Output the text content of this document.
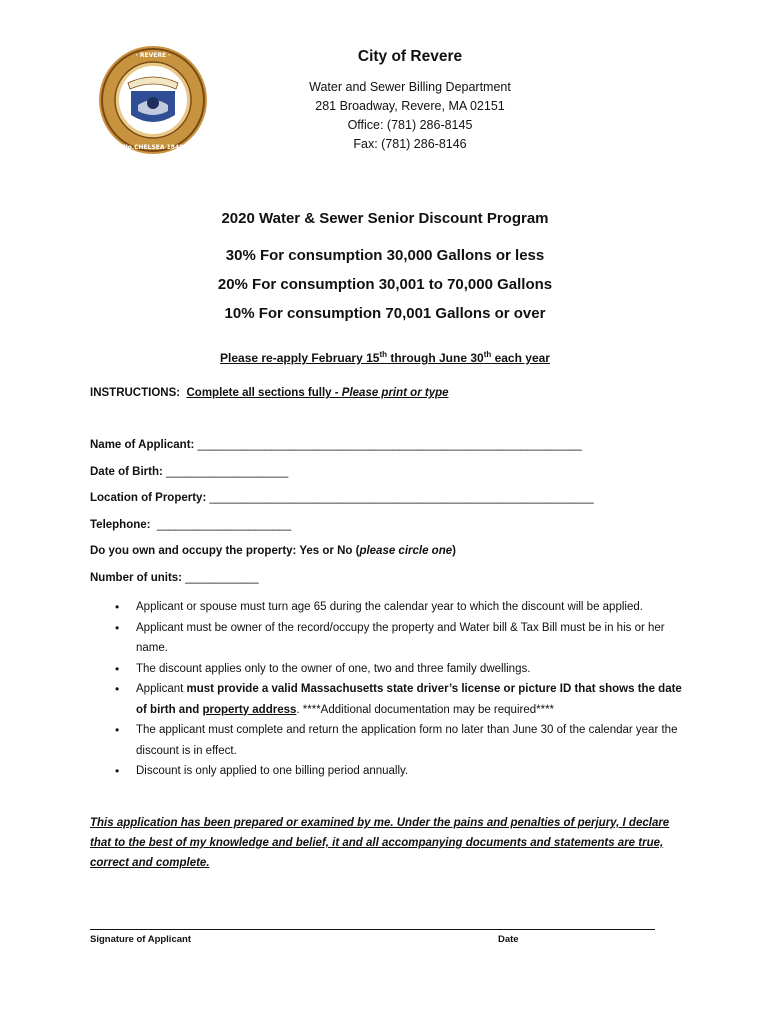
· REVERE ·
No.CHELSEA 1846
City of Revere
Water and Sewer Billing Department
281 Broadway, Revere, MA 02151
Office: (781) 286-8145
Fax: (781) 286-8146
2020 Water & Sewer Senior Discount Program
30% For consumption 30,000 Gallons or less
20% For consumption 30,001 to 70,000 Gallons
10% For consumption 70,001 Gallons or over
Please re-apply February 15th through June 30th each year
INSTRUCTIONS: Complete all sections fully - Please print or type
Name of Applicant: _______________________________________________________________
Date of Birth: ____________________
Location of Property: _______________________________________________________________
Telephone: ______________________
Do you own and occupy the property: Yes or No (please circle one)
Number of units: ____________
• Applicant or spouse must turn age 65 during the calendar year to which the discount will be applied.
• Applicant must be owner of the record/occupy the property and Water bill & Tax Bill must be in his or her name.
• The discount applies only to the owner of one, two and three family dwellings.
• Applicant must provide a valid Massachusetts state driver’s license or picture ID that shows the date of birth and property address. ****Additional documentation may be required****
• The applicant must complete and return the application form no later than June 30 of the calendar year the discount is in effect.
• Discount is only applied to one billing period annually.
This application has been prepared or examined by me. Under the pains and penalties of perjury, I declare that to the best of my knowledge and belief, it and all accompanying documents and statements are true, correct and complete.
Signature of Applicant	Date
